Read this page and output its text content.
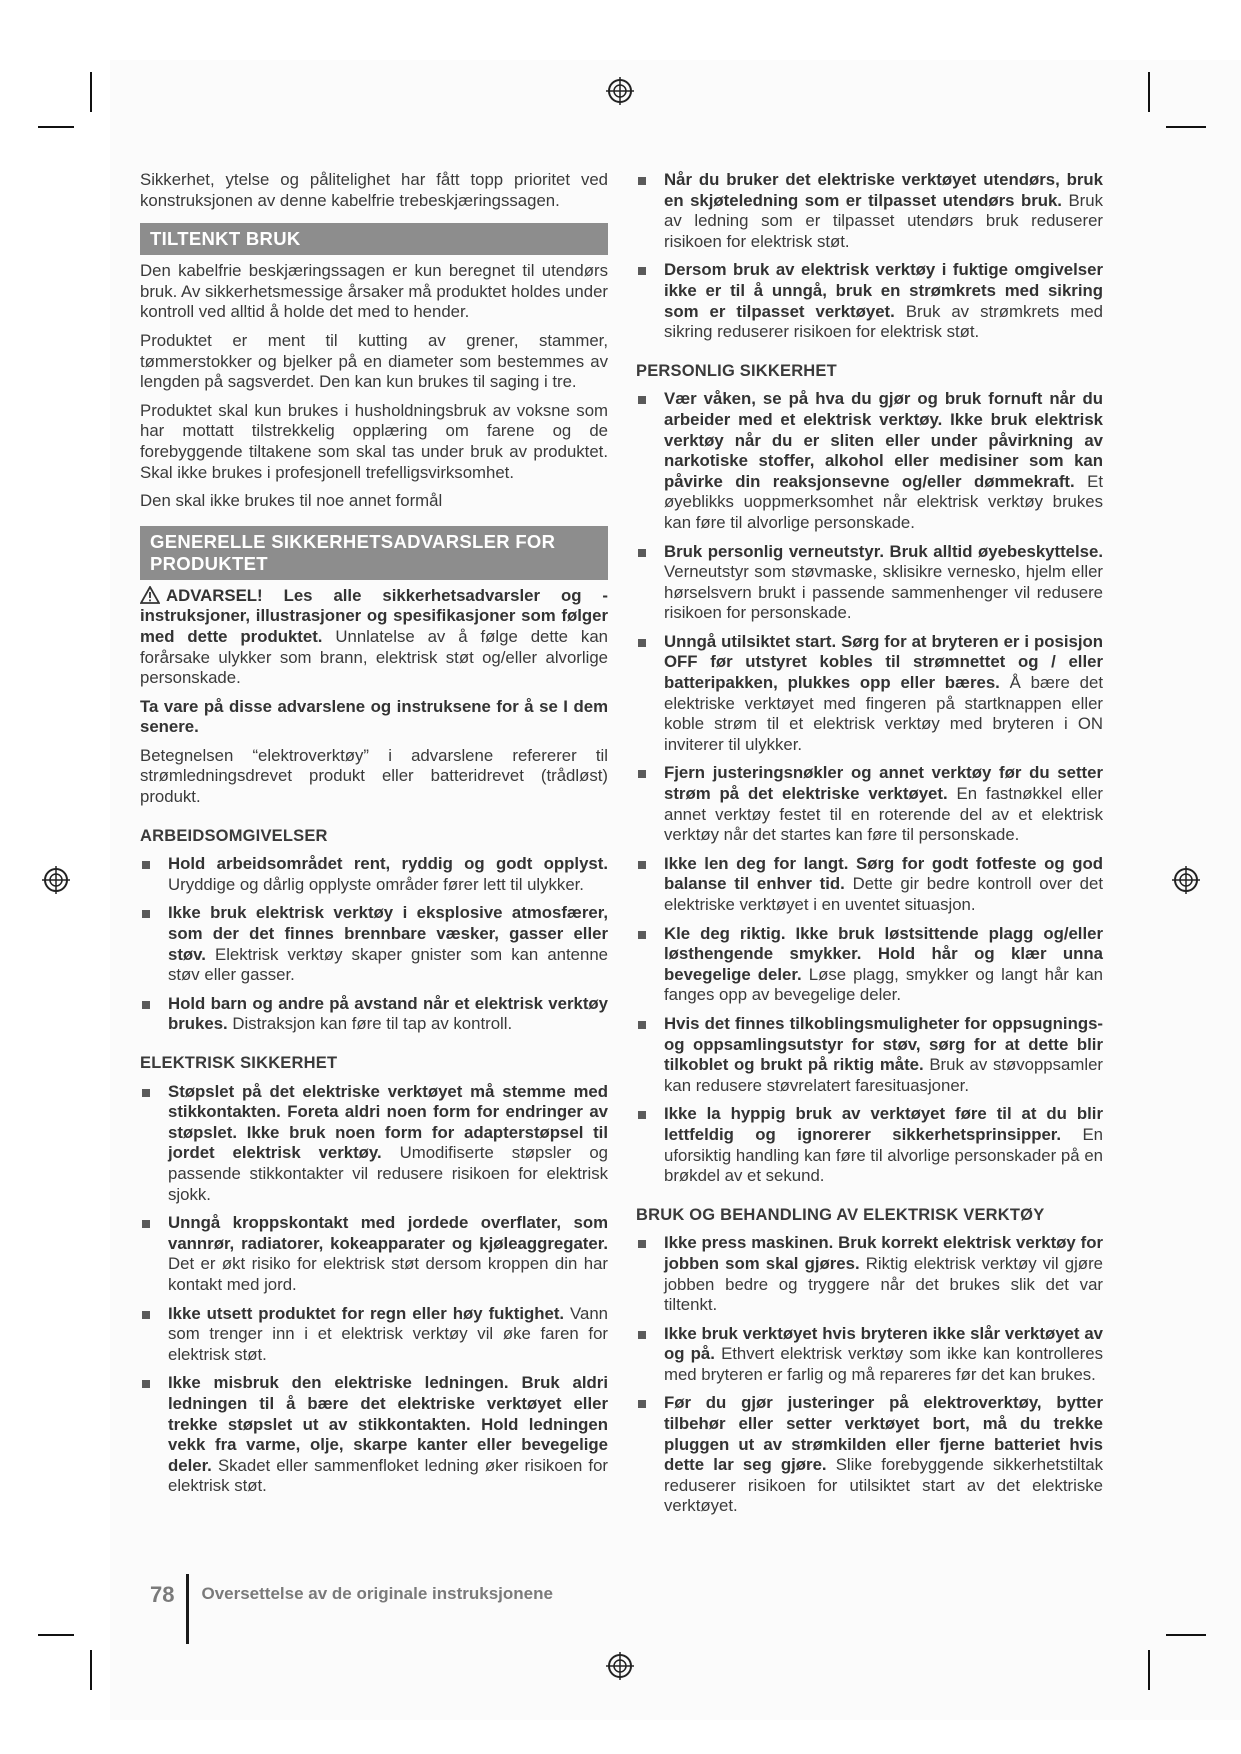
Sikkerhet, ytelse og pålitelighet har fått topp prioritet ved konstruksjonen av denne kabelfrie trebeskjæringssagen.

TILTENKT BRUK

Den kabelfrie beskjæringssagen er kun beregnet til utendørs bruk. Av sikkerhetsmessige årsaker må produktet holdes under kontroll ved alltid å holde det med to hender.

Produktet er ment til kutting av grener, stammer, tømmerstokker og bjelker på en diameter som bestemmes av lengden på sagsverdet. Den kan kun brukes til saging i tre.

Produktet skal kun brukes i husholdningsbruk av voksne som har mottatt tilstrekkelig opplæring om farene og de forebyggende tiltakene som skal tas under bruk av produktet. Skal ikke brukes i profesjonell trefelligsvirksomhet.

Den skal ikke brukes til noe annet formål

GENERELLE SIKKERHETSADVARSLER FOR PRODUKTET

ADVARSEL! Les alle sikkerhetsadvarsler og -instruksjoner, illustrasjoner og spesifikasjoner som følger med dette produktet. Unnlatelse av å følge dette kan forårsake ulykker som brann, elektrisk støt og/eller alvorlige personskade.

Ta vare på disse advarslene og instruksene for å se I dem senere.

Betegnelsen “elektroverktøy” i advarslene refererer til strømledningsdrevet produkt eller batteridrevet (trådløst) produkt.

ARBEIDSOMGIVELSER
Hold arbeidsområdet rent, ryddig og godt opplyst. Uryddige og dårlig opplyste områder fører lett til ulykker.
Ikke bruk elektrisk verktøy i eksplosive atmosfærer, som der det finnes brennbare væsker, gasser eller støv. Elektrisk verktøy skaper gnister som kan antenne støv eller gasser.
Hold barn og andre på avstand når et elektrisk verktøy brukes. Distraksjon kan føre til tap av kontroll.
ELEKTRISK SIKKERHET
Støpslet på det elektriske verktøyet må stemme med stikkontakten. Foreta aldri noen form for endringer av støpslet. Ikke bruk noen form for adapterstøpsel til jordet elektrisk verktøy. Umodifiserte støpsler og passende stikkontakter vil redusere risikoen for elektrisk sjokk.
Unngå kroppskontakt med jordede overflater, som vannrør, radiatorer, kokeapparater og kjøleaggregater. Det er økt risiko for elektrisk støt dersom kroppen din har kontakt med jord.
Ikke utsett produktet for regn eller høy fuktighet. Vann som trenger inn i et elektrisk verktøy vil øke faren for elektrisk støt.
Ikke misbruk den elektriske ledningen. Bruk aldri ledningen til å bære det elektriske verktøyet eller trekke støpslet ut av stikkontakten. Hold ledningen vekk fra varme, olje, skarpe kanter eller bevegelige deler. Skadet eller sammenfloket ledning øker risikoen for elektrisk støt.
Når du bruker det elektriske verktøyet utendørs, bruk en skjøteledning som er tilpasset utendørs bruk. Bruk av ledning som er tilpasset utendørs bruk reduserer risikoen for elektrisk støt.
Dersom bruk av elektrisk verktøy i fuktige omgivelser ikke er til å unngå, bruk en strømkrets med sikring som er tilpasset verktøyet. Bruk av strømkrets med sikring reduserer risikoen for elektrisk støt.
PERSONLIG SIKKERHET
Vær våken, se på hva du gjør og bruk fornuft når du arbeider med et elektrisk verktøy. Ikke bruk elektrisk verktøy når du er sliten eller under påvirkning av narkotiske stoffer, alkohol eller medisiner som kan påvirke din reaksjonsevne og/eller dømmekraft. Et øyeblikks uoppmerksomhet når elektrisk verktøy brukes kan føre til alvorlige personskade.
Bruk personlig verneutstyr. Bruk alltid øyebeskyttelse. Verneutstyr som støvmaske, sklisikre vernesko, hjelm eller hørselsvern brukt i passende sammenhenger vil redusere risikoen for personskade.
Unngå utilsiktet start. Sørg for at bryteren er i posisjon OFF før utstyret kobles til strømnettet og / eller batteripakken, plukkes opp eller bæres. Å bære det elektriske verktøyet med fingeren på startknappen eller koble strøm til et elektrisk verktøy med bryteren i ON inviterer til ulykker.
Fjern justeringsnøkler og annet verktøy før du setter strøm på det elektriske verktøyet. En fastnøkkel eller annet verktøy festet til en roterende del av et elektrisk verktøy når det startes kan føre til personskade.
Ikke len deg for langt. Sørg for godt fotfeste og god balanse til enhver tid. Dette gir bedre kontroll over det elektriske verktøyet i en uventet situasjon.
Kle deg riktig. Ikke bruk løstsittende plagg og/eller løsthengende smykker. Hold hår og klær unna bevegelige deler. Løse plagg, smykker og langt hår kan fanges opp av bevegelige deler.
Hvis det finnes tilkoblingsmuligheter for oppsugnings- og oppsamlingsutstyr for støv, sørg for at dette blir tilkoblet og brukt på riktig måte. Bruk av støvoppsamler kan redusere støvrelatert faresituasjoner.
Ikke la hyppig bruk av verktøyet føre til at du blir lettfeldig og ignorerer sikkerhetsprinsipper. En uforsiktig handling kan føre til alvorlige personskader på en brøkdel av et sekund.
BRUK OG BEHANDLING AV ELEKTRISK VERKTØY
Ikke press maskinen. Bruk korrekt elektrisk verktøy for jobben som skal gjøres. Riktig elektrisk verktøy vil gjøre jobben bedre og tryggere når det brukes slik det var tiltenkt.
Ikke bruk verktøyet hvis bryteren ikke slår verktøyet av og på. Ethvert elektrisk verktøy som ikke kan kontrolleres med bryteren er farlig og må repareres før det kan brukes.
Før du gjør justeringer på elektroverktøy, bytter tilbehør eller setter verktøyet bort, må du trekke pluggen ut av strømkilden eller fjerne batteriet hvis dette lar seg gjøre. Slike forebyggende sikkerhetstiltak reduserer risikoen for utilsiktet start av det elektriske verktøyet.
78 Oversettelse av de originale instruksjonene
